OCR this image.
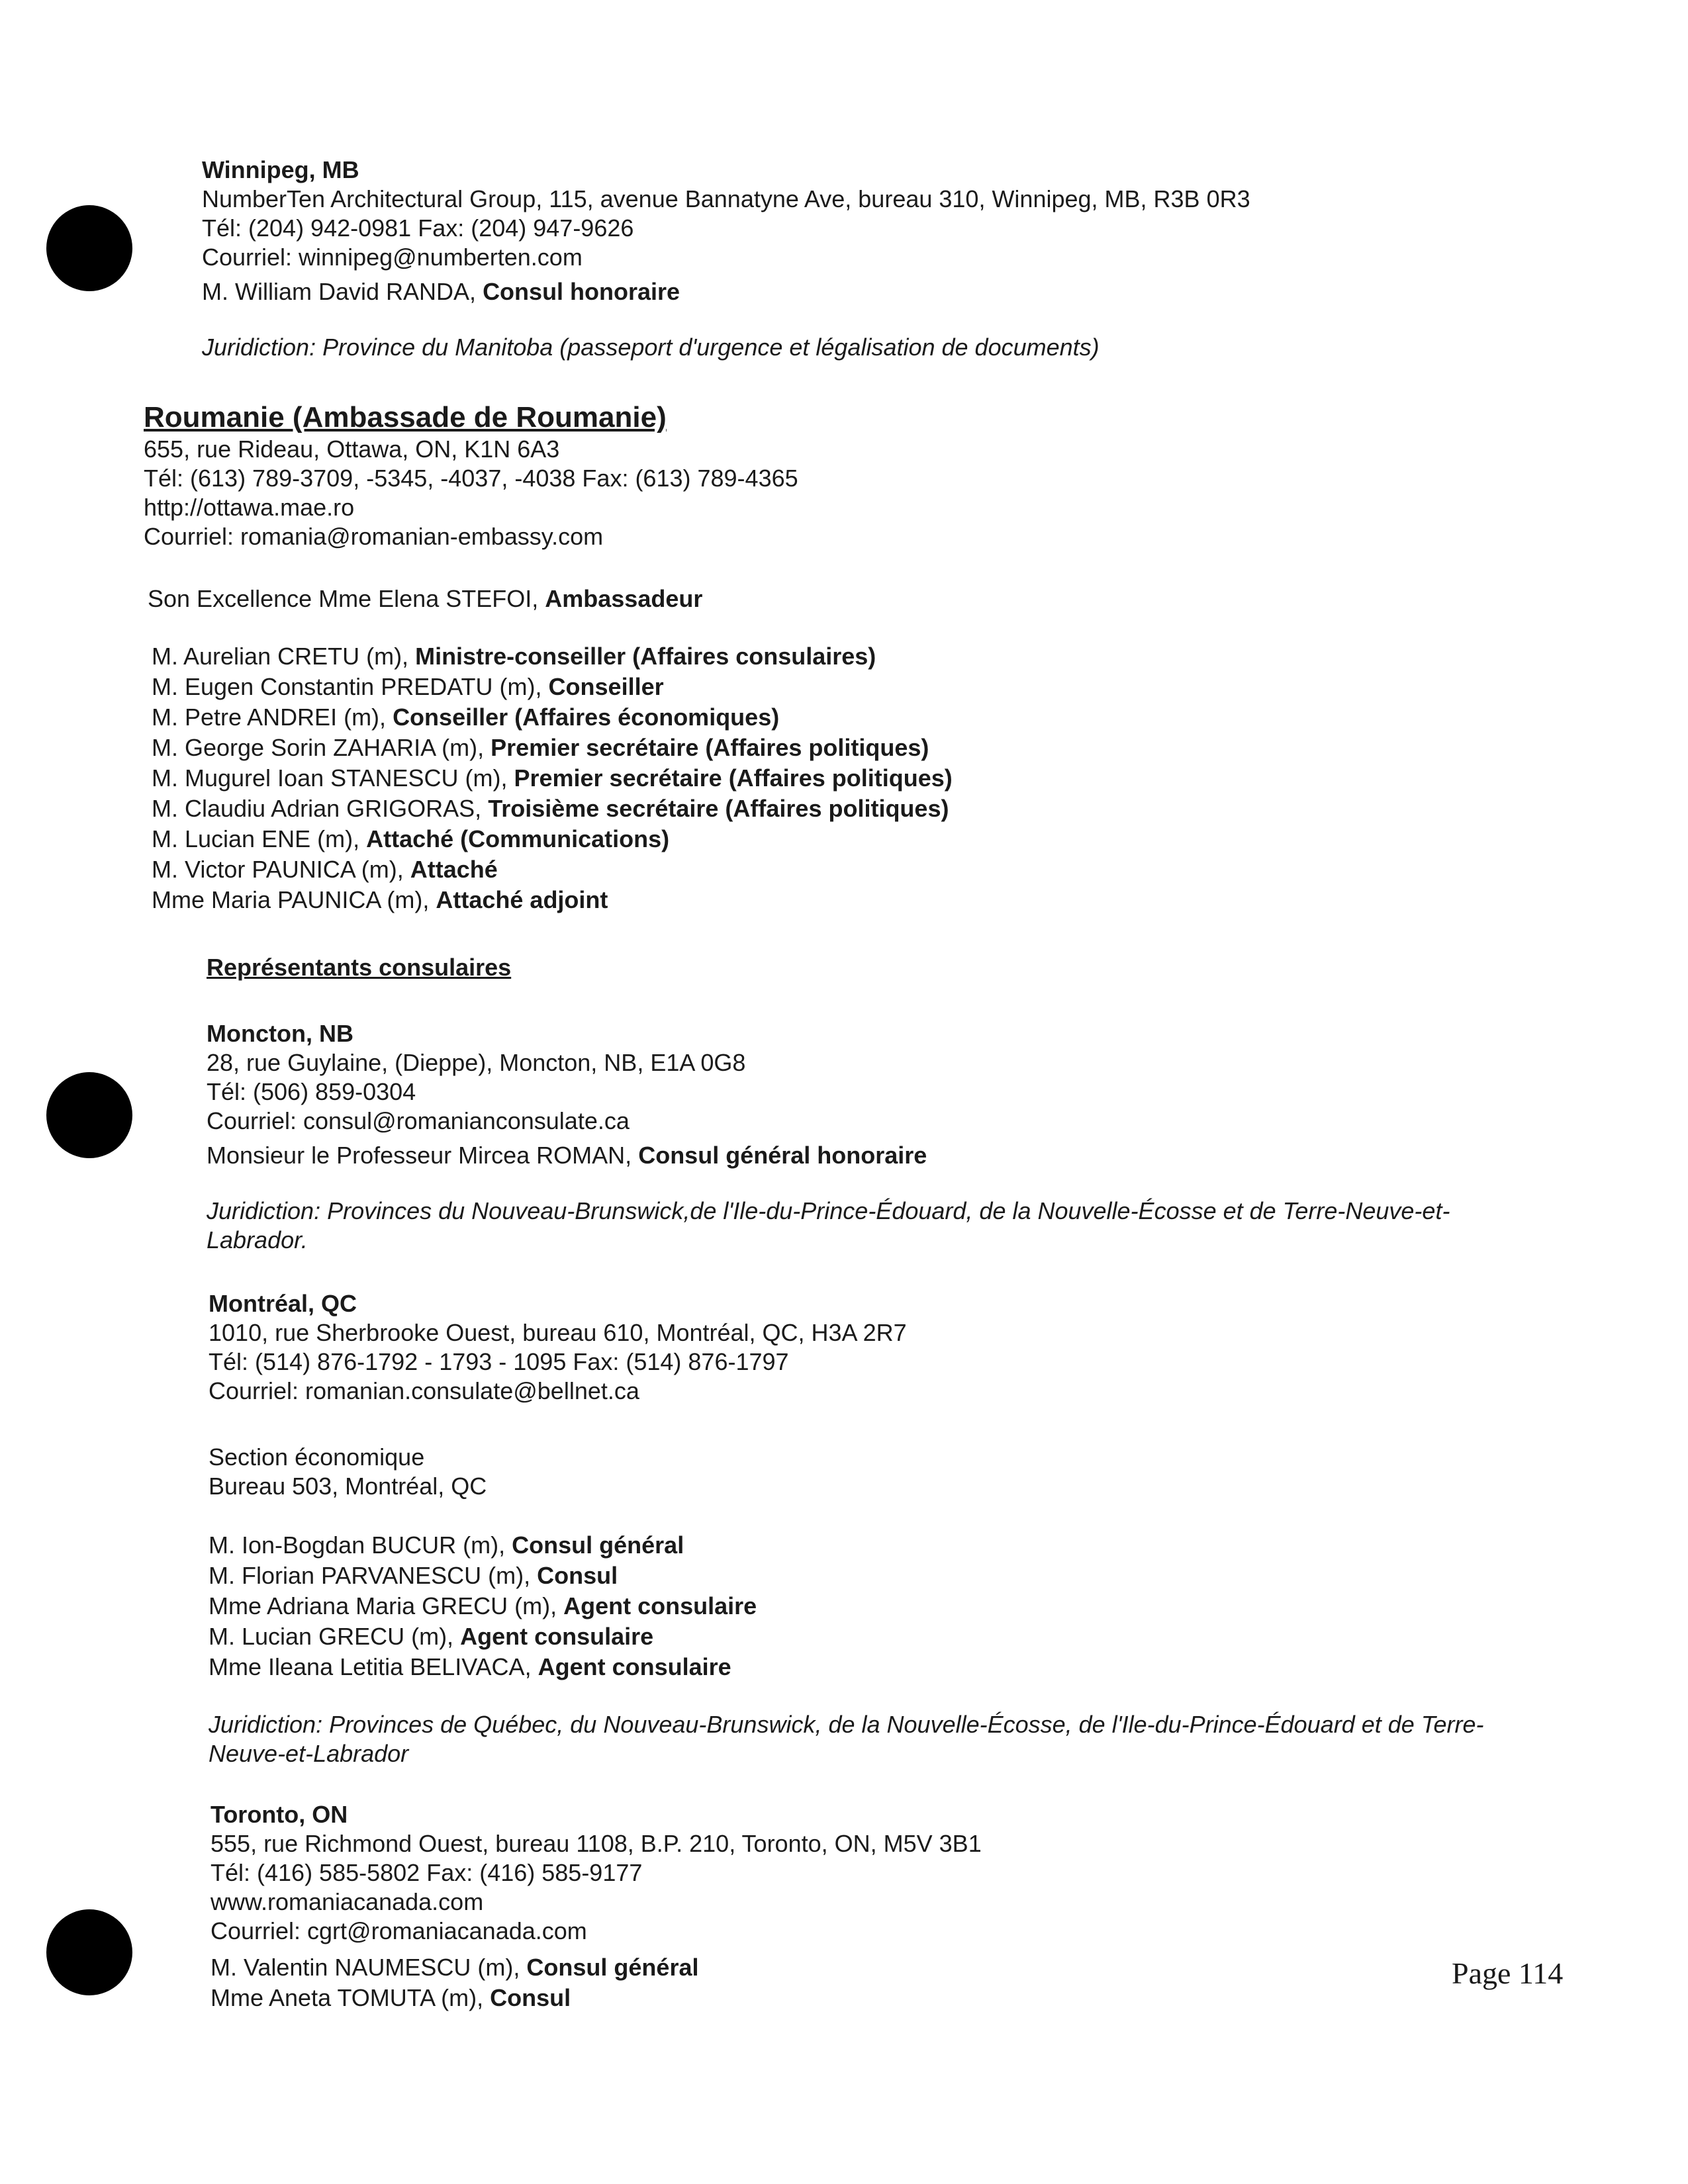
Winnipeg, MB
NumberTen Architectural Group, 115, avenue Bannatyne Ave, bureau 310, Winnipeg, MB, R3B 0R3
Tél: (204) 942-0981 Fax: (204) 947-9626
Courriel: winnipeg@numberten.com
M. William David RANDA, Consul honoraire
Juridiction: Province du Manitoba (passeport d'urgence et légalisation de documents)
Roumanie (Ambassade de Roumanie)
655, rue Rideau, Ottawa, ON, K1N 6A3
Tél: (613) 789-3709, -5345, -4037, -4038 Fax: (613) 789-4365
http://ottawa.mae.ro
Courriel: romania@romanian-embassy.com
Son Excellence Mme Elena STEFOI, Ambassadeur
M. Aurelian CRETU (m), Ministre-conseiller (Affaires consulaires)
M. Eugen Constantin PREDATU (m), Conseiller
M. Petre ANDREI (m), Conseiller (Affaires économiques)
M. George Sorin ZAHARIA (m), Premier secrétaire (Affaires politiques)
M. Mugurel Ioan STANESCU (m), Premier secrétaire (Affaires politiques)
M. Claudiu Adrian GRIGORAS, Troisième secrétaire (Affaires politiques)
M. Lucian ENE (m), Attaché (Communications)
M. Victor PAUNICA (m), Attaché
Mme Maria PAUNICA (m), Attaché adjoint
Représentants consulaires
Moncton, NB
28, rue Guylaine, (Dieppe), Moncton, NB, E1A 0G8
Tél: (506) 859-0304
Courriel: consul@romanianconsulate.ca
Monsieur le Professeur Mircea ROMAN, Consul général honoraire
Juridiction: Provinces du Nouveau-Brunswick,de l'Ile-du-Prince-Édouard, de la Nouvelle-Écosse et de Terre-Neuve-et-Labrador.
Montréal, QC
1010, rue Sherbrooke Ouest, bureau 610, Montréal, QC, H3A 2R7
Tél: (514) 876-1792 - 1793 - 1095 Fax: (514) 876-1797
Courriel: romanian.consulate@bellnet.ca
Section économique
Bureau 503, Montréal, QC
M. Ion-Bogdan BUCUR (m), Consul général
M. Florian PARVANESCU (m), Consul
Mme Adriana Maria GRECU (m), Agent consulaire
M. Lucian GRECU (m), Agent consulaire
Mme Ileana Letitia BELIVACA, Agent consulaire
Juridiction: Provinces de Québec, du Nouveau-Brunswick, de la Nouvelle-Écosse, de l'Ile-du-Prince-Édouard et de Terre-Neuve-et-Labrador
Toronto, ON
555, rue Richmond Ouest, bureau 1108, B.P. 210, Toronto, ON, M5V 3B1
Tél: (416) 585-5802 Fax: (416) 585-9177
www.romaniacanada.com
Courriel: cgrt@romaniacanada.com
M. Valentin NAUMESCU (m), Consul général
Mme Aneta TOMUTA (m), Consul
Page 114
